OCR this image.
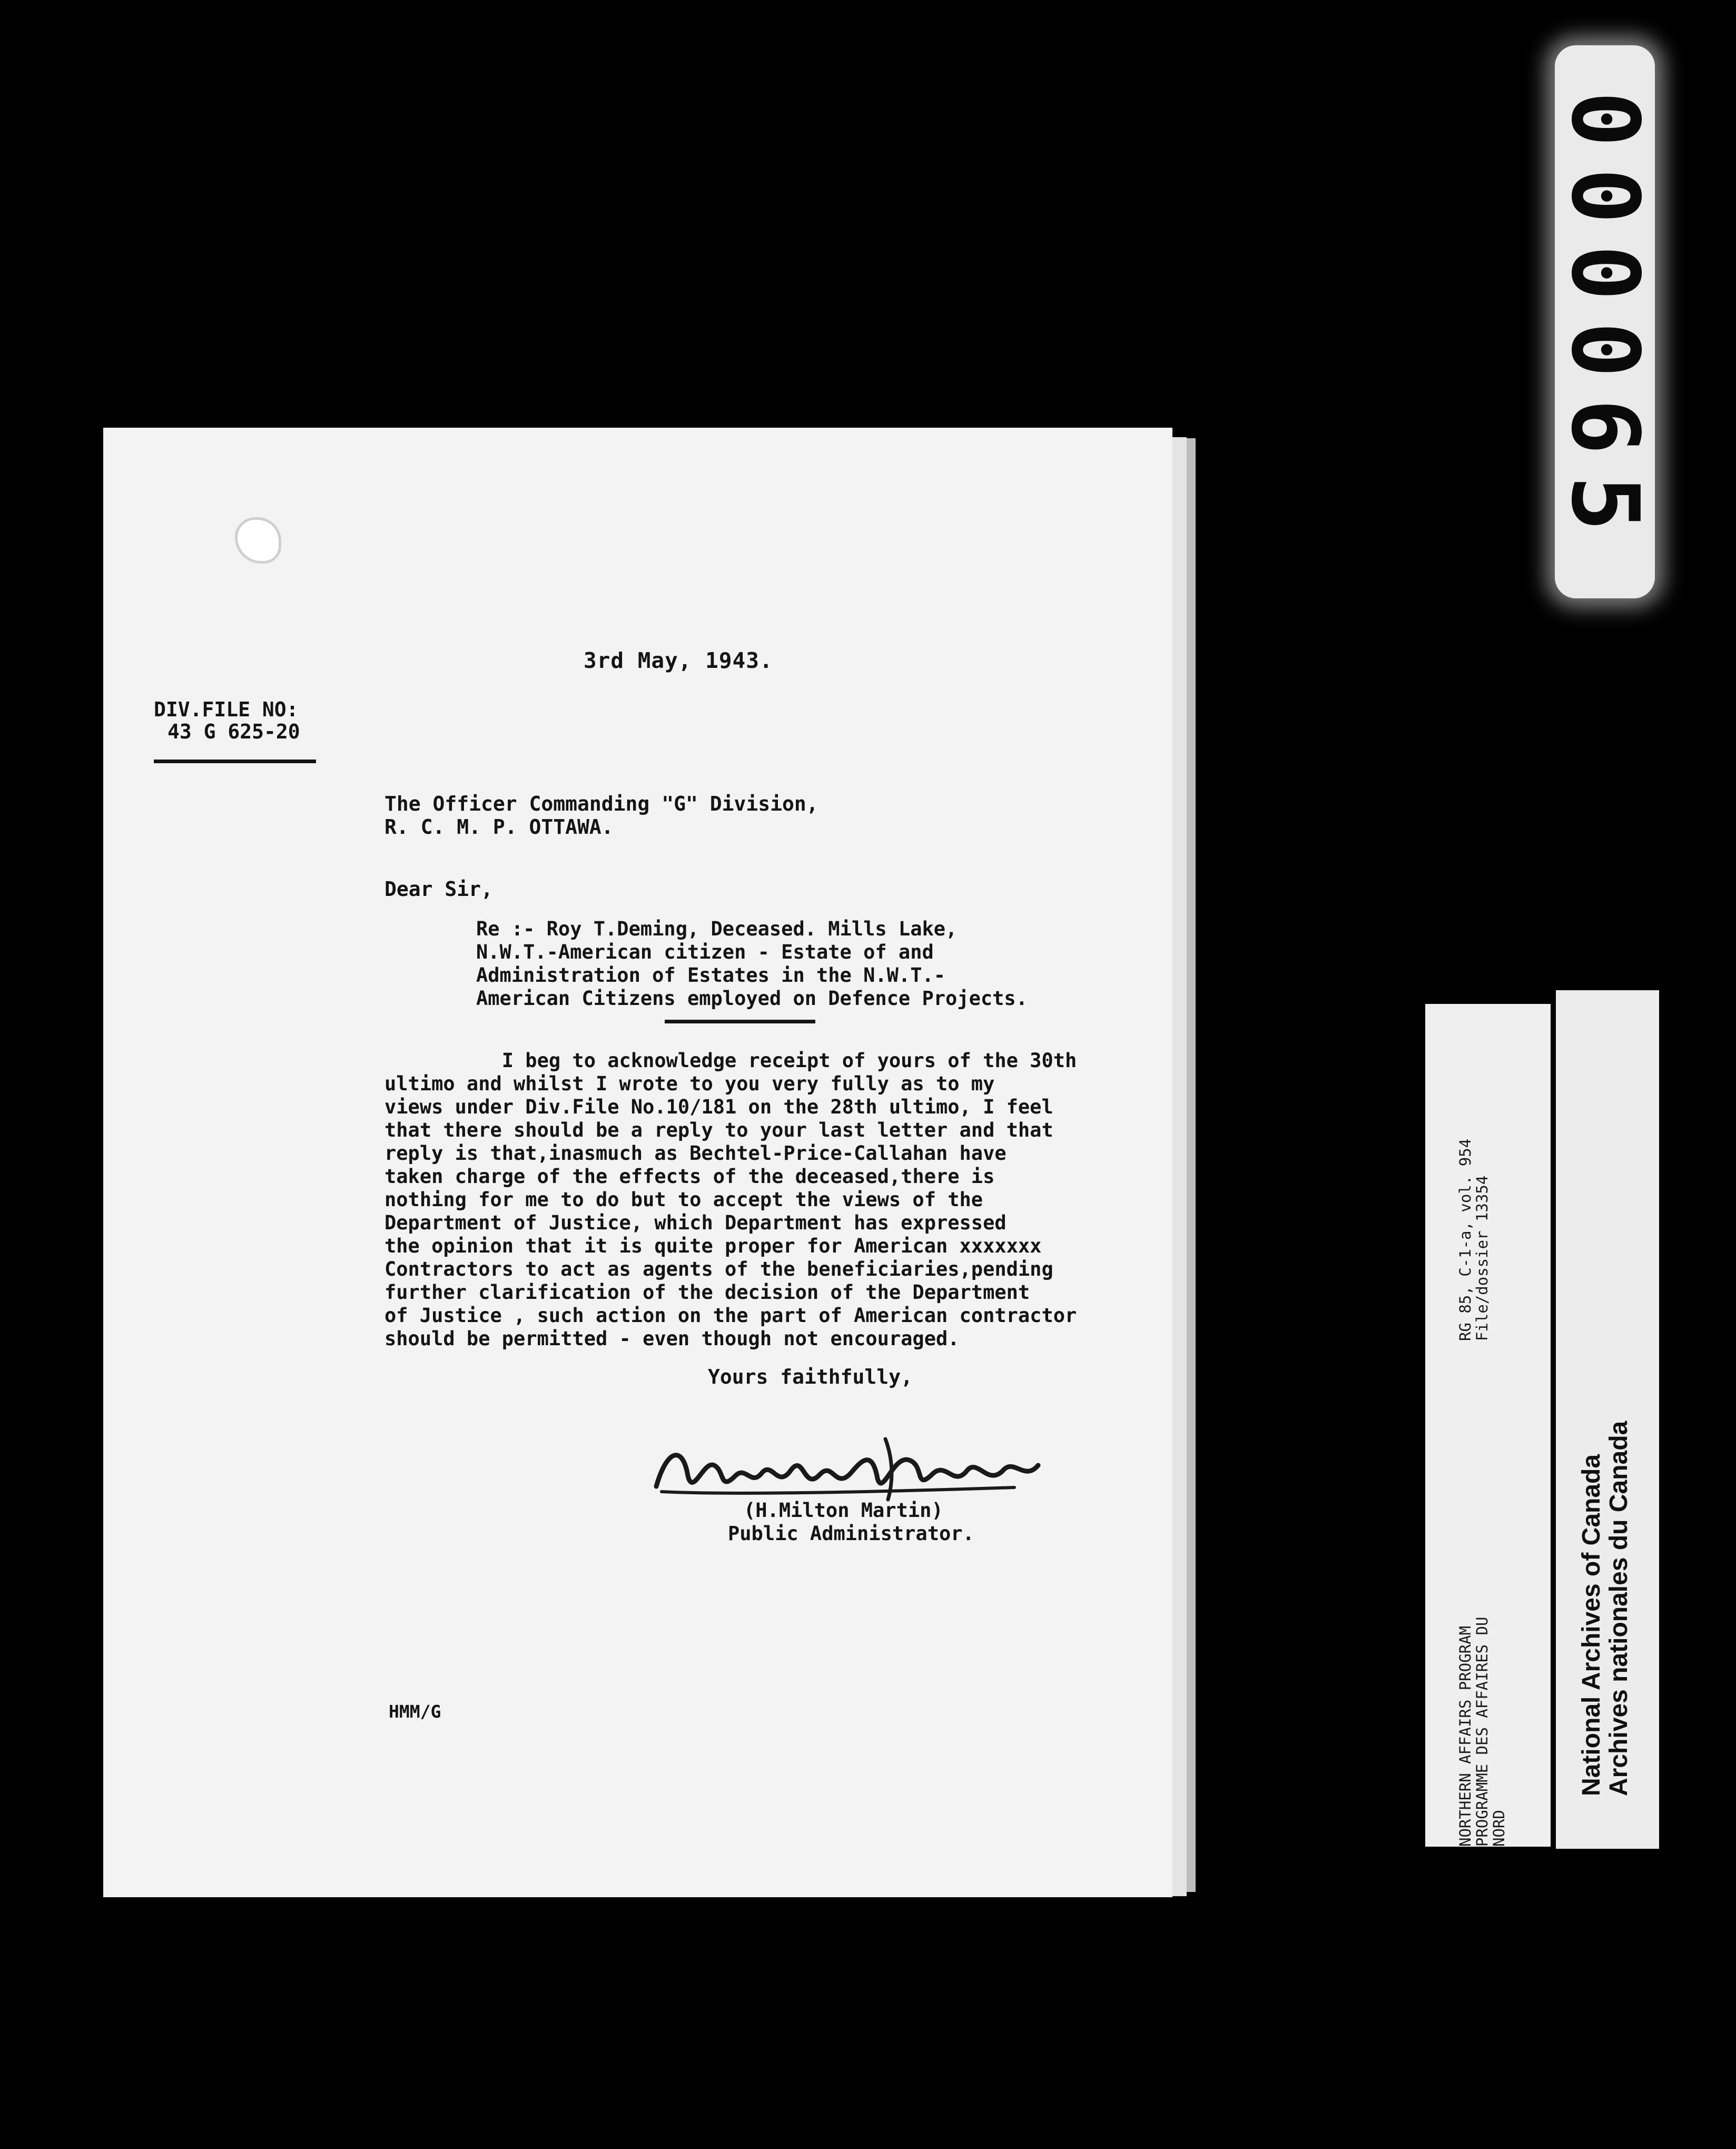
000065
3rd May, 1943.
DIV.FILE NO:
43 G 625-20
The Officer Commanding "G" Division,
R. C. M. P. OTTAWA.
Dear Sir,
Re :- Roy T.Deming, Deceased. Mills Lake,
N.W.T.-American citizen - Estate of and
Administration of Estates in the N.W.T.-
American Citizens employed on Defence Projects.
I beg to acknowledge receipt of yours of the 30th
ultimo and whilst I wrote to you very fully as to my
views under Div.File No.10/181 on the 28th ultimo, I feel
that there should be a reply to your last letter and that
reply is that,inasmuch as Bechtel-Price-Callahan have
taken charge of the effects of the deceased,there is
nothing for me to do but to accept the views of the
Department of Justice, which Department has expressed
the opinion that it is quite proper for American xxxxxxx
Contractors to act as agents of the beneficiaries,pending
further clarification of the decision of the Department
of Justice , such action on the part of American contractor
should be permitted - even though not encouraged.
Yours faithfully,
(H.Milton Martin)
Public Administrator.
HMM/G
RG 85, C-1-a, vol. 954
File/dossier 13354
NORTHERN AFFAIRS PROGRAM
PROGRAMME DES AFFAIRES DU
NORD
National Archives of Canada
Archives nationales du Canada
